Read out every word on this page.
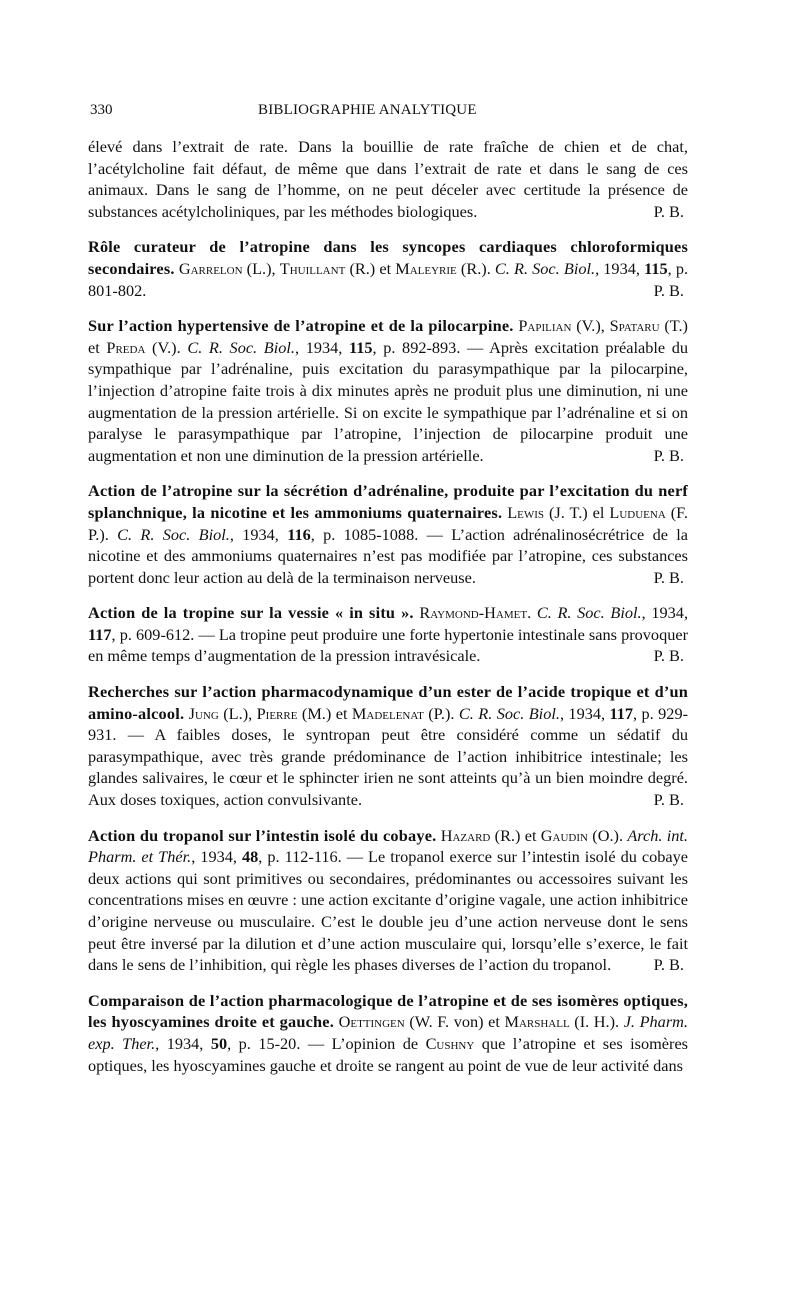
330	BIBLIOGRAPHIE ANALYTIQUE

élevé dans l’extrait de rate. Dans la bouillie de rate fraîche de chien et de chat, l’acétylcholine fait défaut, de même que dans l’extrait de rate et dans le sang de ces animaux. Dans le sang de l’homme, on ne peut déceler avec certitude la présence de substances acétylcholiniques, par les méthodes biologiques.	P. B.

Rôle curateur de l’atropine dans les syncopes cardiaques chloroformiques secondaires. Garrelon (L.), Thuillant (R.) et Maleyrie (R.). C. R. Soc. Biol., 1934, 115, p. 801-802.	P. B.

Sur l’action hypertensive de l’atropine et de la pilocarpine. Papilian (V.), Spataru (T.) et Preda (V.). C. R. Soc. Biol., 1934, 115, p. 892-893. — Après excitation préalable du sympathique par l’adrénaline, puis excitation du parasympathique par la pilocarpine, l’injection d’atropine faite trois à dix minutes après ne produit plus une diminution, ni une augmentation de la pression artérielle. Si on excite le sympathique par l’adrénaline et si on paralyse le parasympathique par l’atropine, l’injection de pilocarpine produit une augmentation et non une diminution de la pression artérielle.	P. B.

Action de l’atropine sur la sécrétion d’adrénaline, produite par l’excitation du nerf splanchnique, la nicotine et les ammoniums quaternaires. Lewis (J. T.) el Luduena (F. P.). C. R. Soc. Biol., 1934, 116, p. 1085-1088. — L’action adrénalinosécrétrice de la nicotine et des ammoniums quaternaires n’est pas modifiée par l’atropine, ces substances portent donc leur action au delà de la terminaison nerveuse.	P. B.

Action de la tropine sur la vessie « in situ ». Raymond-Hamet. C. R. Soc. Biol., 1934, 117, p. 609-612. — La tropine peut produire une forte hypertonie intestinale sans provoquer en même temps d’augmentation de la pression intravésicale.	P. B.

Recherches sur l’action pharmacodynamique d’un ester de l’acide tropique et d’un amino-alcool. Jung (L.), Pierre (M.) et Madelenat (P.). C. R. Soc. Biol., 1934, 117, p. 929-931. — A faibles doses, le syntropan peut être considéré comme un sédatif du parasympathique, avec très grande prédominance de l’action inhibitrice intestinale; les glandes salivaires, le cœur et le sphincter irien ne sont atteints qu’à un bien moindre degré. Aux doses toxiques, action convulsivante.	P. B.

Action du tropanol sur l’intestin isolé du cobaye. Hazard (R.) et Gaudin (O.). Arch. int. Pharm. et Thér., 1934, 48, p. 112-116. — Le tropanol exerce sur l’intestin isolé du cobaye deux actions qui sont primitives ou secondaires, prédominantes ou accessoires suivant les concentrations mises en œuvre : une action excitante d’origine vagale, une action inhibitrice d’origine nerveuse ou musculaire. C’est le double jeu d’une action nerveuse dont le sens peut être inversé par la dilution et d’une action musculaire qui, lorsqu’elle s’exerce, le fait dans le sens de l’inhibition, qui règle les phases diverses de l’action du tropanol.	P. B.

Comparaison de l’action pharmacologique de l’atropine et de ses isomères optiques, les hyoscyamines droite et gauche. Oettingen (W. F. von) et Marshall (I. H.). J. Pharm. exp. Ther., 1934, 50, p. 15-20. — L’opinion de Cushny que l’atropine et ses isomères optiques, les hyoscyamines gauche et droite se rangent au point de vue de leur activité dans
